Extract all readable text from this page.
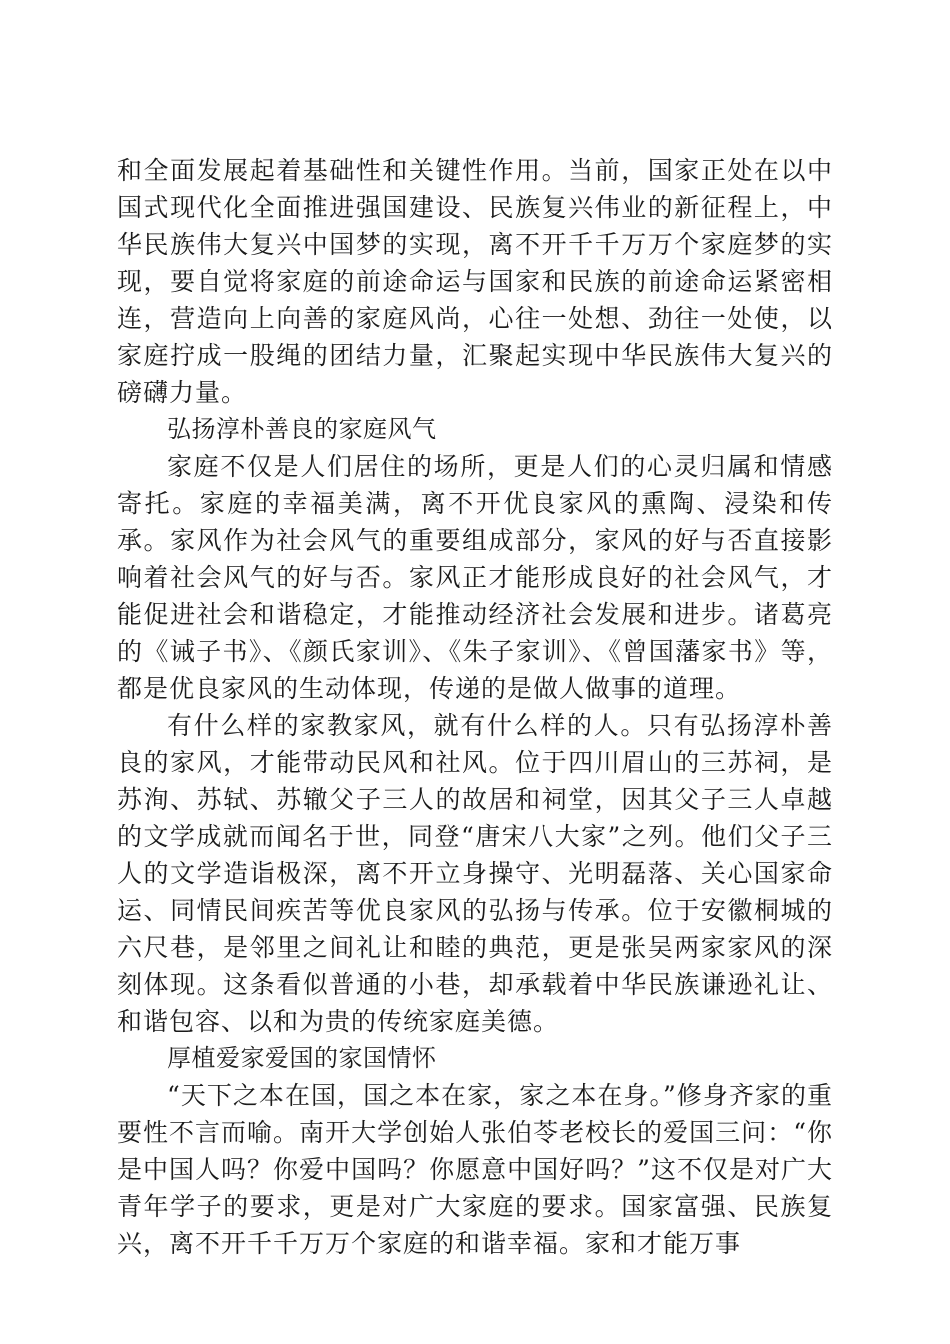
和全面发展起着基础性和关键性作用。当前，国家正处在以中国式现代化全面推进强国建设、民族复兴伟业的新征程上，中华民族伟大复兴中国梦的实现，离不开千千万万个家庭梦的实现，要自觉将家庭的前途命运与国家和民族的前途命运紧密相连，营造向上向善的家庭风尚，心往一处想、劲往一处使，以家庭拧成一股绳的团结力量，汇聚起实现中华民族伟大复兴的磅礴力量。

弘扬淳朴善良的家庭风气

家庭不仅是人们居住的场所，更是人们的心灵归属和情感寄托。家庭的幸福美满，离不开优良家风的熏陶、浸染和传承。家风作为社会风气的重要组成部分，家风的好与否直接影响着社会风气的好与否。家风正才能形成良好的社会风气，才能促进社会和谐稳定，才能推动经济社会发展和进步。诸葛亮的《诫子书》、《颜氏家训》、《朱子家训》、《曾国藩家书》等，都是优良家风的生动体现，传递的是做人做事的道理。

有什么样的家教家风，就有什么样的人。只有弘扬淳朴善良的家风，才能带动民风和社风。位于四川眉山的三苏祠，是苏洵、苏轼、苏辙父子三人的故居和祠堂，因其父子三人卓越的文学成就而闻名于世，同登“唐宋八大家”之列。他们父子三人的文学造诣极深，离不开立身操守、光明磊落、关心国家命运、同情民间疾苦等优良家风的弘扬与传承。位于安徽桐城的六尺巷，是邻里之间礼让和睦的典范，更是张吴两家家风的深刻体现。这条看似普通的小巷，却承载着中华民族谦逊礼让、和谐包容、以和为贵的传统家庭美德。

厚植爱家爱国的家国情怀

“天下之本在国，国之本在家，家之本在身。”修身齐家的重要性不言而喻。南开大学创始人张伯苓老校长的爱国三问：“你是中国人吗？你爱中国吗？你愿意中国好吗？”这不仅是对广大青年学子的要求，更是对广大家庭的要求。国家富强、民族复兴，离不开千千万万个家庭的和谐幸福。家和才能万事
